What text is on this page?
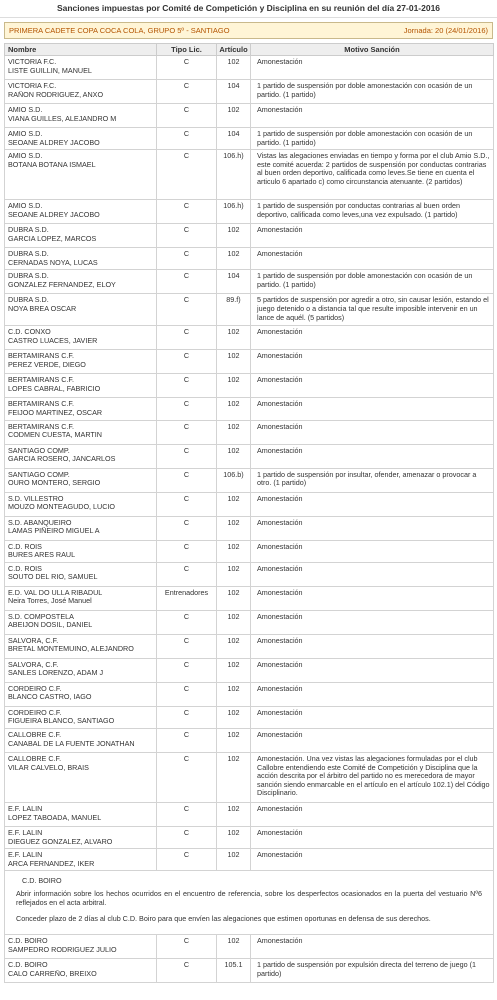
Sanciones impuestas por Comité de Competición y Disciplina en su reunión del día 27-01-2016
PRIMERA CADETE COPA COCA COLA, GRUPO 5º - SANTIAGO	Jornada: 20 (24/01/2016)
Nombre	Tipo Lic.	Artículo	Motivo Sanción

VICTORIA F.C.
LISTE GUILLIN, MANUEL	C	102	Amonestación

VICTORIA F.C.
RAÑON RODRIGUEZ, ANXO	C	104	1 partido de suspensión por doble amonestación con ocasión de un partido. (1 partido)

AMIO S.D.
VIANA GUILLES, ALEJANDRO M	C	102	Amonestación

AMIO S.D.
SEOANE ALDREY JACOBO	C	104	1 partido de suspensión por doble amonestación con ocasión de un partido. (1 partido)

AMIO S.D.
BOTANA BOTANA ISMAEL	C	106.h)	Vistas las alegaciones enviadas en tiempo y forma por el club Amio S.D., este comité acuerda: 2 partidos de suspensión por conductas contrarias al buen orden deportivo, calificada como leves.Se tiene en cuenta el articulo 6 apartado c) como circunstancia atenuante. (2 partidos)

AMIO S.D.
SEOANE ALDREY JACOBO	C	106.h)	1 partido de suspensión por conductas contrarias al buen orden deportivo, calificada como leves,una vez expulsado. (1 partido)

DUBRA S.D.
GARCIA LOPEZ, MARCOS	C	102	Amonestación

DUBRA S.D.
CERNADAS NOYA, LUCAS	C	102	Amonestación

DUBRA S.D.
GONZALEZ FERNANDEZ, ELOY	C	104	1 partido de suspensión por doble amonestación con ocasión de un partido. (1 partido)

DUBRA S.D.
NOYA BREA OSCAR	C	89.f)	5 partidos de suspensión por agredir a otro, sin causar lesión, estando el juego detenido o a distancia tal que resulte imposible intervenir en un lance de aquél. (5 partidos)

C.D. CONXO
CASTRO LUACES, JAVIER	C	102	Amonestación

BERTAMIRANS C.F.
PEREZ VERDE, DIEGO	C	102	Amonestación

BERTAMIRANS C.F.
LOPES CABRAL, FABRICIO	C	102	Amonestación

BERTAMIRANS C.F.
FEIJOO MARTINEZ, OSCAR	C	102	Amonestación

BERTAMIRANS C.F.
CODMEN CUESTA, MARTIN	C	102	Amonestación

SANTIAGO COMP.
GARCIA ROSERO, JANCARLOS	C	102	Amonestación

SANTIAGO COMP.
OURO MONTERO, SERGIO	C	106.b)	1 partido de suspensión por insultar, ofender, amenazar o provocar a otro. (1 partido)

S.D. VILLESTRO
MOUZO MONTEAGUDO, LUCIO	C	102	Amonestación

S.D. ABANQUEIRO
LAMAS PIÑEIRO MIGUEL A	C	102	Amonestación

C.D. ROIS
BURES ARES RAUL	C	102	Amonestación

C.D. ROIS
SOUTO DEL RIO, SAMUEL	C	102	Amonestación

E.D. VAL DO ULLA RIBADUL
Neira Torres, José Manuel	Entrenadores	102	Amonestación

S.D. COMPOSTELA
ABEIJON DOSIL, DANIEL	C	102	Amonestación

SALVORA, C.F.
BRETAL MONTEMUINO, ALEJANDRO	C	102	Amonestación

SALVORA, C.F.
SANLES LORENZO, ADAM J	C	102	Amonestación

CORDEIRO C.F.
BLANCO CASTRO, IAGO	C	102	Amonestación

CORDEIRO C.F.
FIGUEIRA BLANCO, SANTIAGO	C	102	Amonestación

CALLOBRE C.F.
CANABAL DE LA FUENTE JONATHAN	C	102	Amonestación

CALLOBRE C.F.
VILAR CALVELO, BRAIS	C	102	Amonestación. Una vez vistas las alegaciones formuladas por el club Callobre entendiendo este Comité de Competición y Disciplina que la acción descrita por el árbitro del partido no es merecedora de mayor sanción siendo enmarcable en el artículo en el artículo 102.1) del Código Disciplinario.

E.F. LALIN
LOPEZ TABOADA, MANUEL	C	102	Amonestación

E.F. LALIN
DIEGUEZ GONZALEZ, ALVARO	C	102	Amonestación

E.F. LALIN
ARCA FERNANDEZ, IKER	C	102	Amonestación

C.D. BOIRO

Abrir información sobre los hechos ocurridos en el encuentro de referencia, sobre los desperfectos ocasionados en la puerta del vestuario Nº6 reflejados en el acta arbitral.

Conceder plazo de 2 días al club C.D. Boiro para que envíen las alegaciones que estimen oportunas en defensa de sus derechos.			

C.D. BOIRO
SAMPEDRO RODRIGUEZ JULIO	C	102	Amonestación

C.D. BOIRO
CALO CARREÑO, BREIXO	C	105.1	1 partido de suspensión por expulsión directa del terreno de juego (1 partido)
